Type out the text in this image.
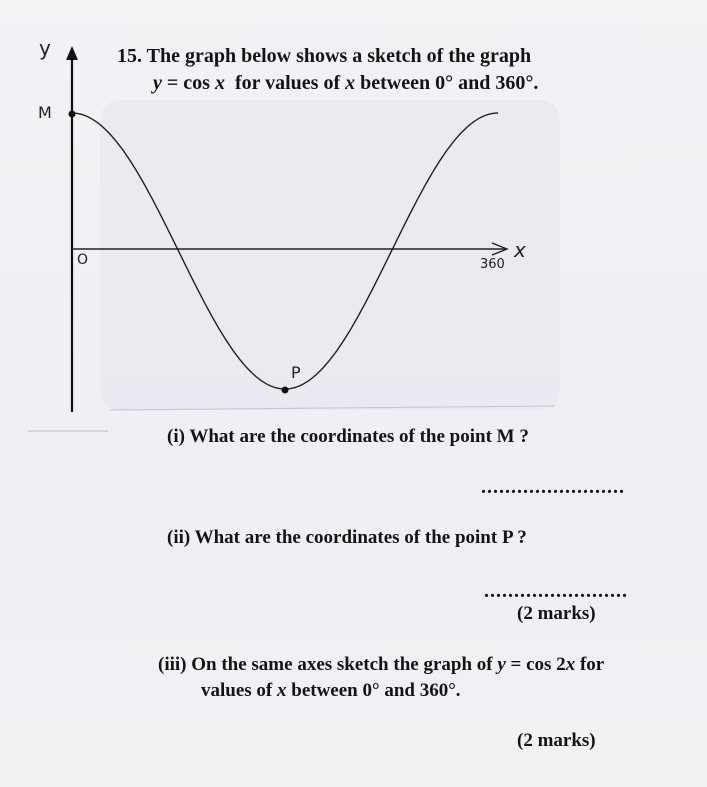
15. The graph below shows a sketch of the graph
y = cos x  for values of x between 0° and 360°.
y
M
O	360
x
P
(i) What are the coordinates of the point M ?
........................
(ii) What are the coordinates of the point P ?
........................
(2 marks)
(iii) On the same axes sketch the graph of y = cos 2x for
values of x between 0° and 360°.
(2 marks)
